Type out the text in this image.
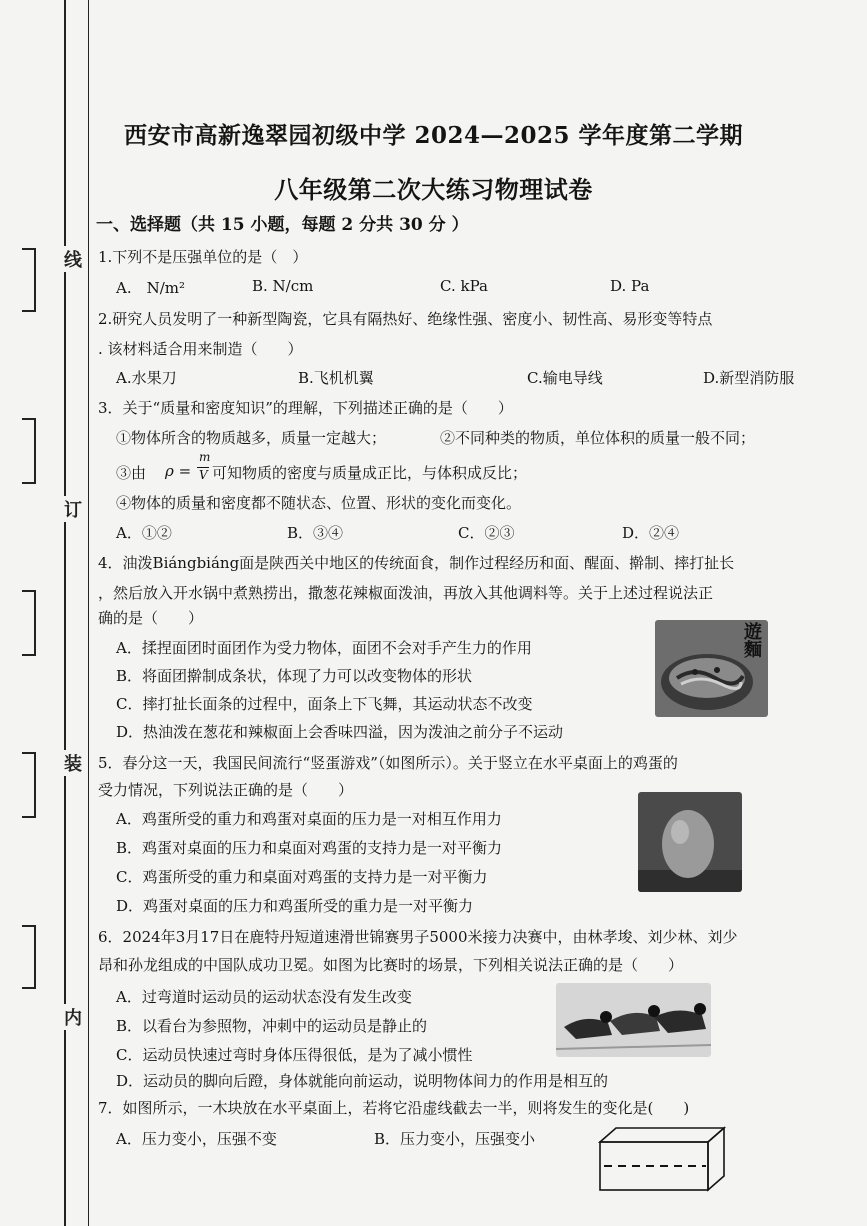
线
订
装
内
西安市高新逸翠园初级中学 2024—2025 学年度第二学期
八年级第二次大练习物理试卷
一、选择题（共 15 小题，每题 2 分共 30 分 ）
1.下列不是压强单位的是（　）
A.　N/m²	B. N/cm	C. kPa	D. Pa
2.研究人员发明了一种新型陶瓷，它具有隔热好、绝缘性强、密度小、韧性高、易形变等特点
. 该材料适合用来制造（　　）
A.水果刀	B.飞机机翼	C.输电导线	D.新型消防服
3．关于“质量和密度知识”的理解，下列描述正确的是（　　）
①物体所含的物质越多，质量一定越大；	②不同种类的物质，单位体积的质量一般不同；
③由 ρ =
m
V 可知物质的密度与质量成正比，与体积成反比；
④物体的质量和密度都不随状态、位置、形状的变化而变化。
A．①②	B．③④	C．②③	D．②④
4．油泼Biángbiáng面是陕西关中地区的传统面食，制作过程经历和面、醒面、擀制、摔打扯长
，然后放入开水锅中煮熟捞出，撒葱花辣椒面泼油，再放入其他调料等。关于上述过程说法正
确的是（　　）
A．揉捏面团时面团作为受力物体，面团不会对手产生力的作用
B．将面团擀制成条状，体现了力可以改变物体的形状
C．摔打扯长面条的过程中，面条上下飞舞，其运动状态不改变
D．热油泼在葱花和辣椒面上会香味四溢，因为泼油之前分子不运动
遊麵
5．春分这一天，我国民间流行“竖蛋游戏”（如图所示）。关于竖立在水平桌面上的鸡蛋的
受力情况，下列说法正确的是（　　）
A．鸡蛋所受的重力和鸡蛋对桌面的压力是一对相互作用力
B．鸡蛋对桌面的压力和桌面对鸡蛋的支持力是一对平衡力
C．鸡蛋所受的重力和桌面对鸡蛋的支持力是一对平衡力
D．鸡蛋对桌面的压力和鸡蛋所受的重力是一对平衡力
6．2024年3月17日在鹿特丹短道速滑世锦赛男子5000米接力决赛中，由林孝埈、刘少林、刘少
昂和孙龙组成的中国队成功卫冕。如图为比赛时的场景，下列相关说法正确的是（　　）
A．过弯道时运动员的运动状态没有发生改变
B．以看台为参照物，冲刺中的运动员是静止的
C．运动员快速过弯时身体压得很低，是为了减小惯性
D．运动员的脚向后蹬，身体就能向前运动，说明物体间力的作用是相互的
7．如图所示，一木块放在水平桌面上，若将它沿虚线截去一半，则将发生的变化是(　　)
A．压力变小，压强不变	B．压力变小，压强变小
